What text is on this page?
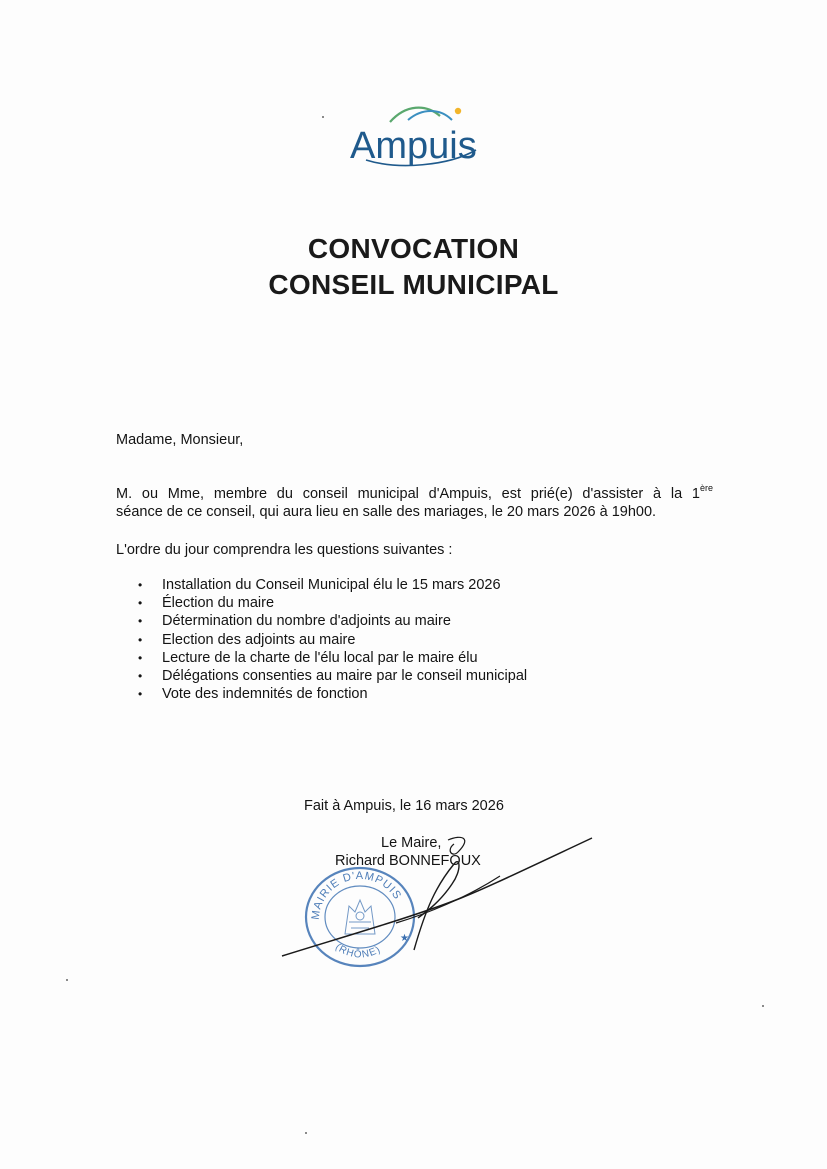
Ampuis
CONVOCATION
CONSEIL MUNICIPAL
Madame, Monsieur,
M. ou Mme, membre du conseil municipal d'Ampuis, est prié(e) d'assister à la 1ère
séance de ce conseil, qui aura lieu en salle des mariages, le 20 mars 2026 à 19h00.
L'ordre du jour comprendra les questions suivantes :
• Installation du Conseil Municipal élu le 15 mars 2026
• Élection du maire
• Détermination du nombre d'adjoints au maire
• Election des adjoints au maire
• Lecture de la charte de l'élu local par le maire élu
• Délégations consenties au maire par le conseil municipal
• Vote des indemnités de fonction
Fait à Ampuis, le 16 mars 2026
Le Maire,
Richard BONNEFOUX
MAIRIE D'AMPUIS
(RHÔNE)
★
